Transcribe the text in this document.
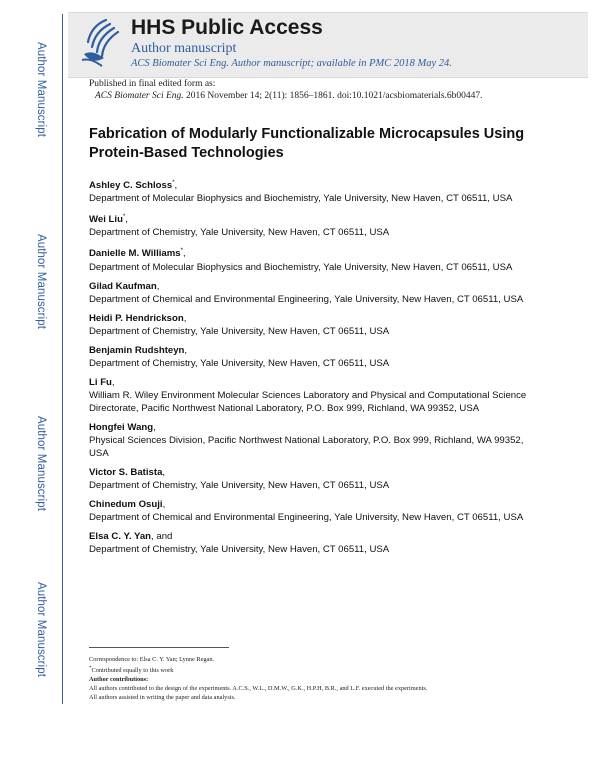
Author Manuscript
Author Manuscript
Author Manuscript
Author Manuscript
HHS Public Access
Author manuscript
ACS Biomater Sci Eng. Author manuscript; available in PMC 2018 May 24.
Published in final edited form as:
ACS Biomater Sci Eng. 2016 November 14; 2(11): 1856–1861. doi:10.1021/acsbiomaterials.6b00447.
Fabrication of Modularly Functionalizable Microcapsules Using Protein-Based Technologies
Ashley C. Schloss*,
Department of Molecular Biophysics and Biochemistry, Yale University, New Haven, CT 06511, USA
Wei Liu*,
Department of Chemistry, Yale University, New Haven, CT 06511, USA
Danielle M. Williams*,
Department of Molecular Biophysics and Biochemistry, Yale University, New Haven, CT 06511, USA
Gilad Kaufman,
Department of Chemical and Environmental Engineering, Yale University, New Haven, CT 06511, USA
Heidi P. Hendrickson,
Department of Chemistry, Yale University, New Haven, CT 06511, USA
Benjamin Rudshteyn,
Department of Chemistry, Yale University, New Haven, CT 06511, USA
Li Fu,
William R. Wiley Environment Molecular Sciences Laboratory and Physical and Computational Science Directorate, Pacific Northwest National Laboratory, P.O. Box 999, Richland, WA 99352, USA
Hongfei Wang,
Physical Sciences Division, Pacific Northwest National Laboratory, P.O. Box 999, Richland, WA 99352, USA
Victor S. Batista,
Department of Chemistry, Yale University, New Haven, CT 06511, USA
Chinedum Osuji,
Department of Chemical and Environmental Engineering, Yale University, New Haven, CT 06511, USA
Elsa C. Y. Yan, and
Department of Chemistry, Yale University, New Haven, CT 06511, USA
Correspondence to: Elsa C. Y. Yan; Lynne Regan.
*Contributed equally to this work
Author contributions:
All authors contributed to the design of the experiments. A.C.S., W.L., D.M.W., G.K., H.P.H, B.R., and L.F. executed the experiments.
All authors assisted in writing the paper and data analysis.
